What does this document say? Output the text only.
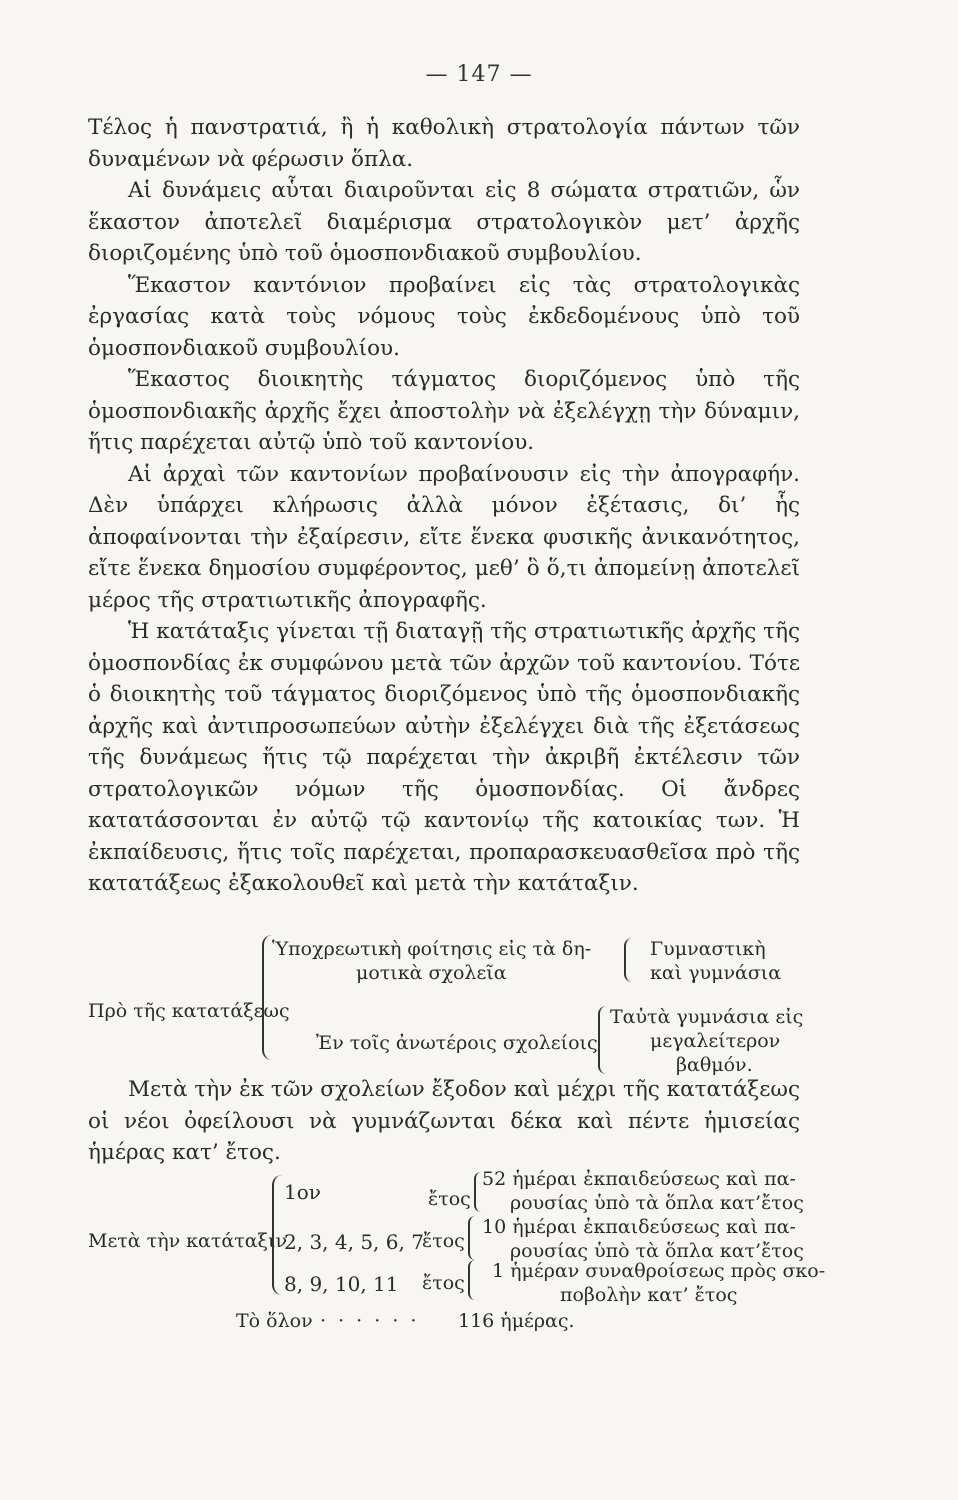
— 147 —

Τέλος ἡ πανστρατιά, ἢ ἡ καθολικὴ στρατολογία πάντων τῶν δυναμένων νὰ φέρωσιν ὅπλα.

Αἱ δυνάμεις αὗται διαιροῦνται εἰς 8 σώματα στρατιῶν, ὧν ἕκαστον ἀποτελεῖ διαμέρισμα στρατολογικὸν μετ’ ἀρχῆς διοριζομένης ὑπὸ τοῦ ὁμοσπονδιακοῦ συμβουλίου.

Ἕκαστον καντόνιον προβαίνει εἰς τὰς στρατολογικὰς ἐργασίας κατὰ τοὺς νόμους τοὺς ἐκδεδομένους ὑπὸ τοῦ ὁμοσπονδιακοῦ συμβουλίου.

Ἕκαστος διοικητὴς τάγματος διοριζόμενος ὑπὸ τῆς ὁμοσπονδιακῆς ἀρχῆς ἔχει ἀποστολὴν νὰ ἐξελέγχῃ τὴν δύναμιν, ἥτις παρέχεται αὐτῷ ὑπὸ τοῦ καντονίου.

Αἱ ἀρχαὶ τῶν καντονίων προβαίνουσιν εἰς τὴν ἀπογραφήν. Δὲν ὑπάρχει κλήρωσις ἀλλὰ μόνον ἐξέτασις, δι’ ἧς ἀποφαίνονται τὴν ἐξαίρεσιν, εἴτε ἕνεκα φυσικῆς ἀνικανότητος, εἴτε ἕνεκα δημοσίου συμφέροντος, μεθ’ ὃ ὅ,τι ἀπομείνῃ ἀποτελεῖ μέρος τῆς στρατιωτικῆς ἀπογραφῆς.

Ἡ κατάταξις γίνεται τῇ διαταγῇ τῆς στρατιωτικῆς ἀρχῆς τῆς ὁμοσπονδίας ἐκ συμφώνου μετὰ τῶν ἀρχῶν τοῦ καντονίου. Τότε ὁ διοικητὴς τοῦ τάγματος διοριζόμενος ὑπὸ τῆς ὁμοσπονδιακῆς ἀρχῆς καὶ ἀντιπροσωπεύων αὐτὴν ἐξελέγχει διὰ τῆς ἐξετάσεως τῆς δυνάμεως ἥτις τῷ παρέχεται τὴν ἀκριβῆ ἐκτέλεσιν τῶν στρατολογικῶν νόμων τῆς ὁμοσπονδίας. Οἱ ἄνδρες κατατάσσονται ἐν αὐτῷ τῷ καντονίῳ τῆς κατοικίας των. Ἡ ἐκπαίδευσις, ἥτις τοῖς παρέχεται, προπαρασκευασθεῖσα πρὸ τῆς κατατάξεως ἐξακολουθεῖ καὶ μετὰ τὴν κατάταξιν.

Πρὸ τῆς κατατάξεως
Ὑποχρεωτικὴ φοίτησις εἰς τὰ δη-
μοτικὰ σχολεῖα
Γυμναστικὴ
καὶ γυμνάσια
Ἐν τοῖς ἀνωτέροις σχολείοις
Ταὐτὰ γυμνάσια εἰς
μεγαλείτερον
βαθμόν.

Μετὰ τὴν ἐκ τῶν σχολείων ἔξοδον καὶ μέχρι τῆς κατατάξεως οἱ νέοι ὀφείλουσι νὰ γυμνάζωνται δέκα καὶ πέντε ἡμισείας ἡμέρας κατ’ ἔτος.

Μετὰ τὴν κατάταξιν
1ον	ἔτος
52 ἡμέραι ἐκπαιδεύσεως καὶ πα-
ρουσίας ὑπὸ τὰ ὅπλα κατ’ἔτος
2, 3, 4, 5, 6, 7
ἔτος
10 ἡμέραι ἐκπαιδεύσεως καὶ πα-
ρουσίας ὑπὸ τὰ ὅπλα κατ’ἔτος
8, 9, 10, 11 ἔτος
1 ἡμέραν συναθροίσεως πρὸς σκο-
ποβολὴν κατ’ ἔτος
Τὸ ὅλον · · · · · · 116 ἡμέρας.
